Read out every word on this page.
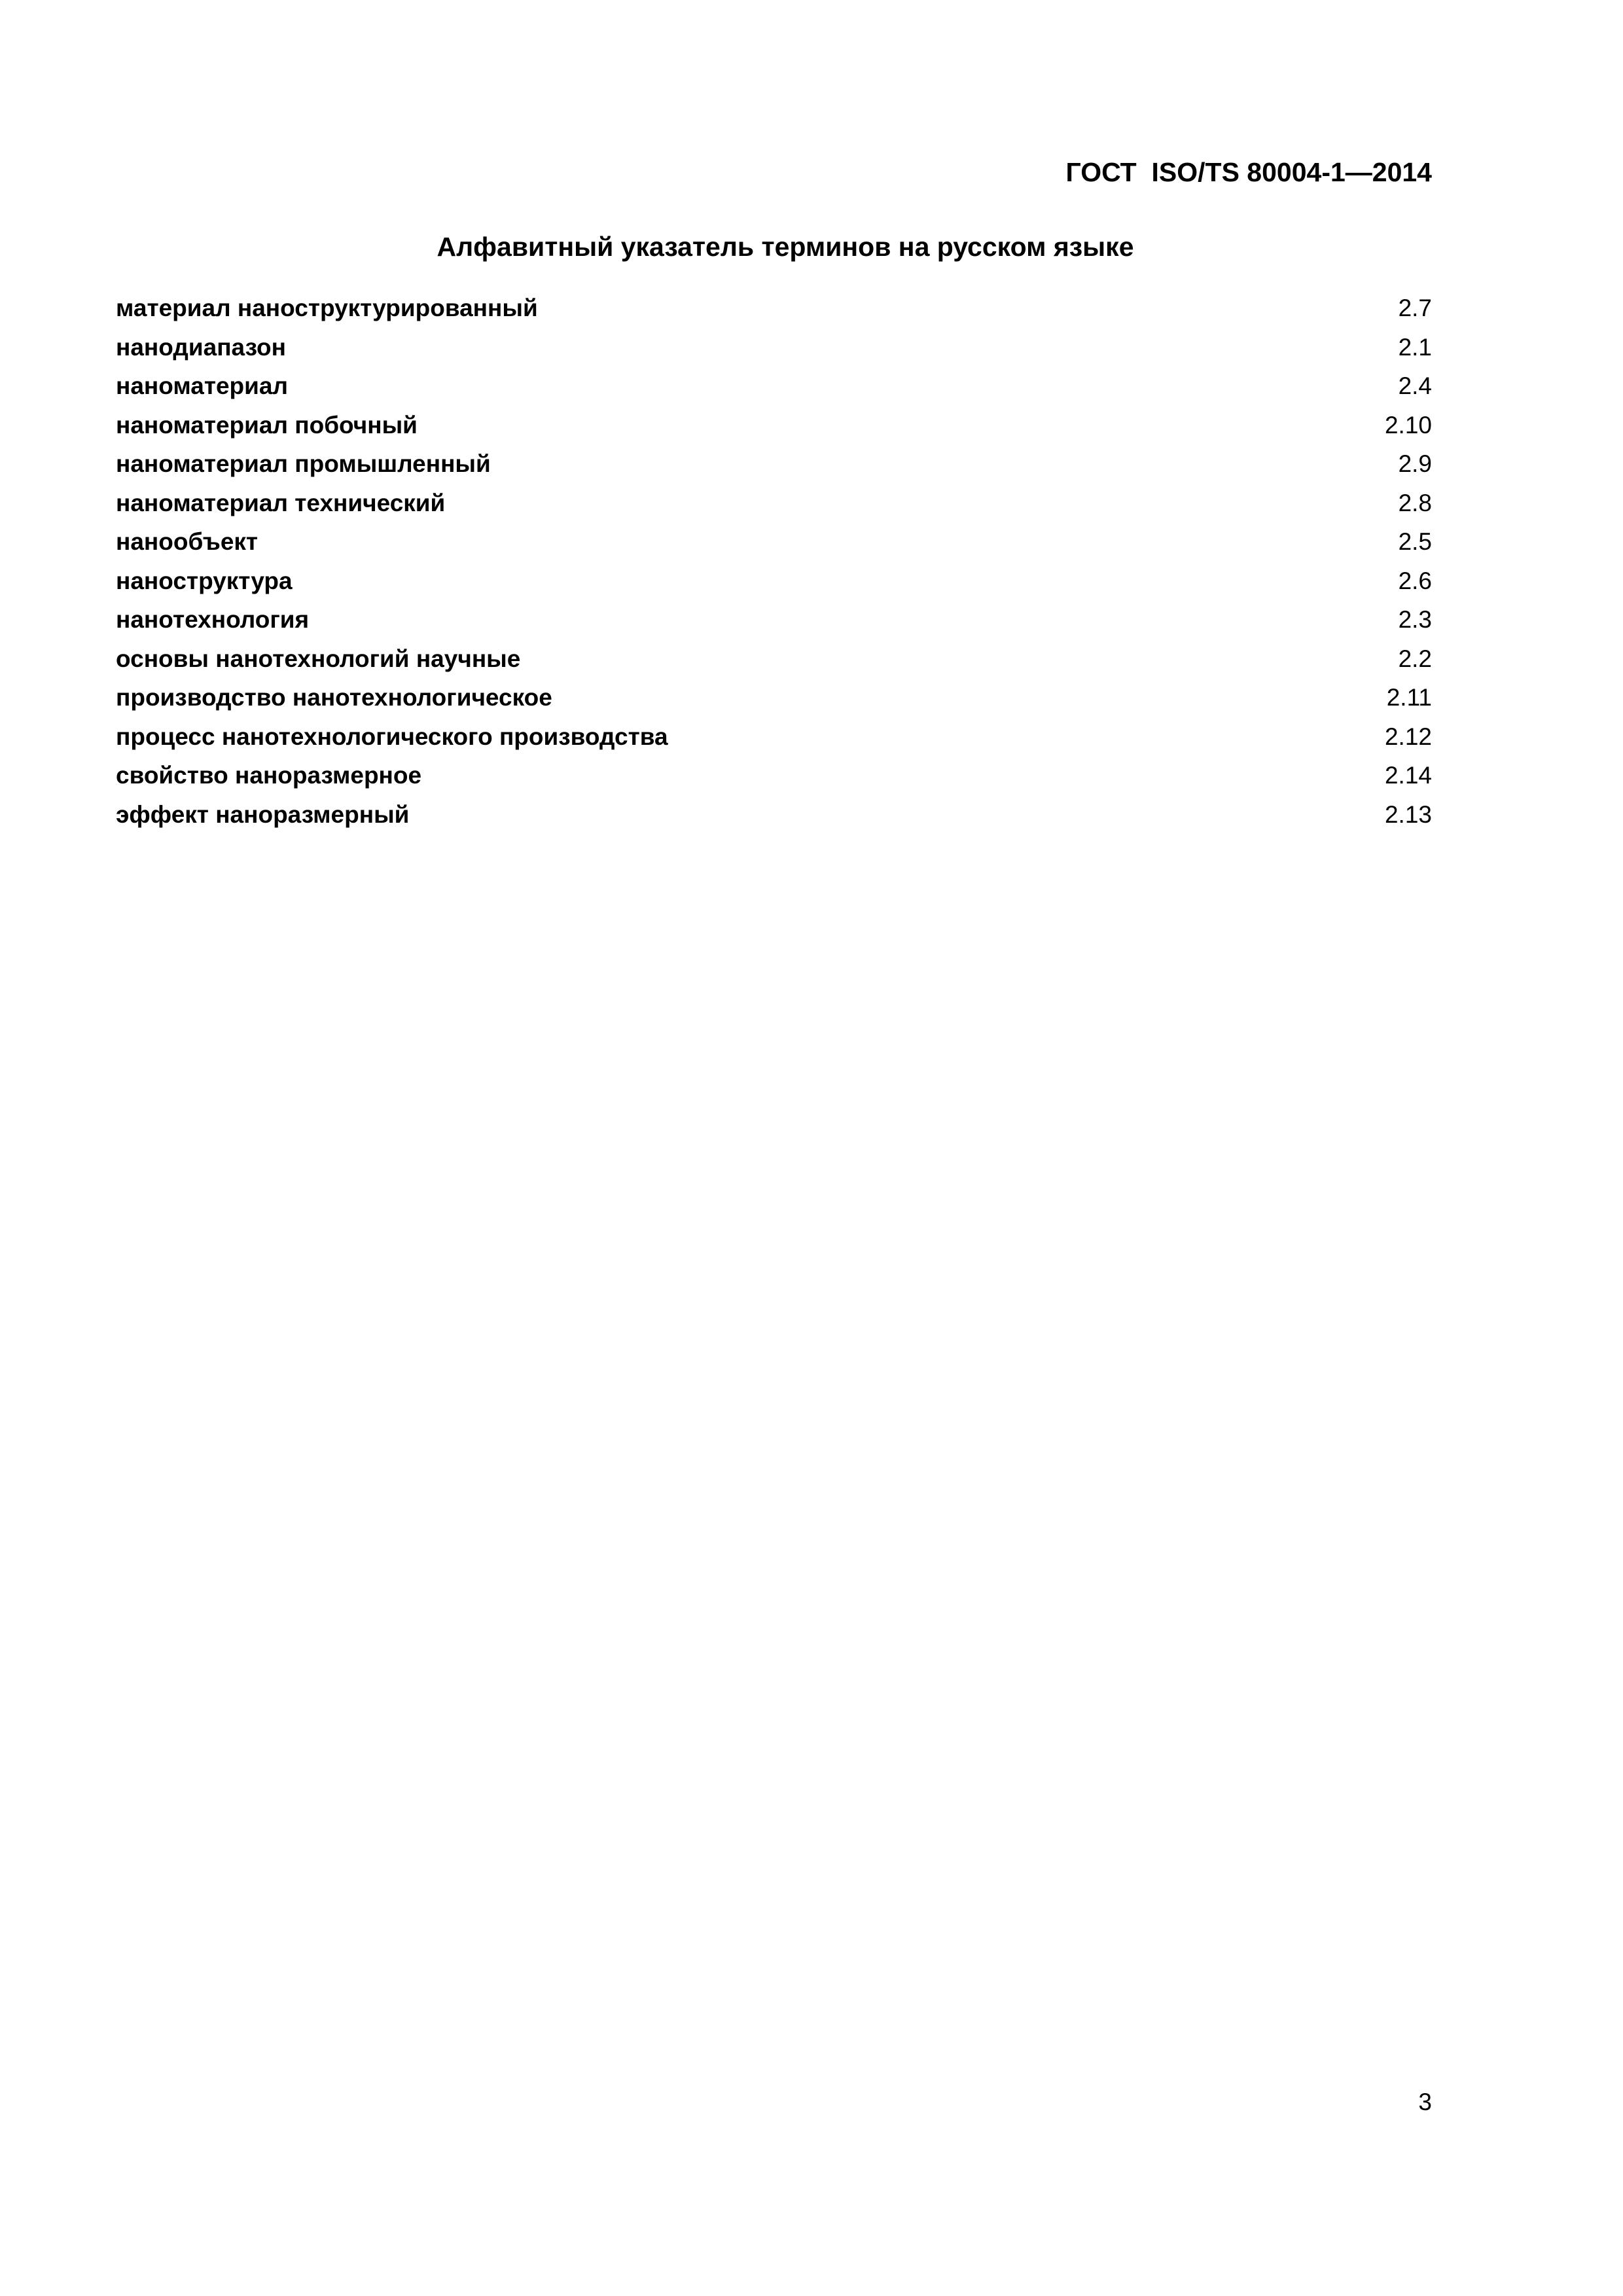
ГОСТ  ISO/TS 80004-1—2014
Алфавитный указатель терминов на русском языке
материал наноструктурированный	2.7
нанодиапазон	2.1
наноматериал	2.4
наноматериал побочный	2.10
наноматериал промышленный	2.9
наноматериал технический	2.8
нанообъект	2.5
наноструктура	2.6
нанотехнология	2.3
основы нанотехнологий научные	2.2
производство нанотехнологическое	2.11
процесс нанотехнологического производства	2.12
свойство наноразмерное	2.14
эффект наноразмерный	2.13
3
